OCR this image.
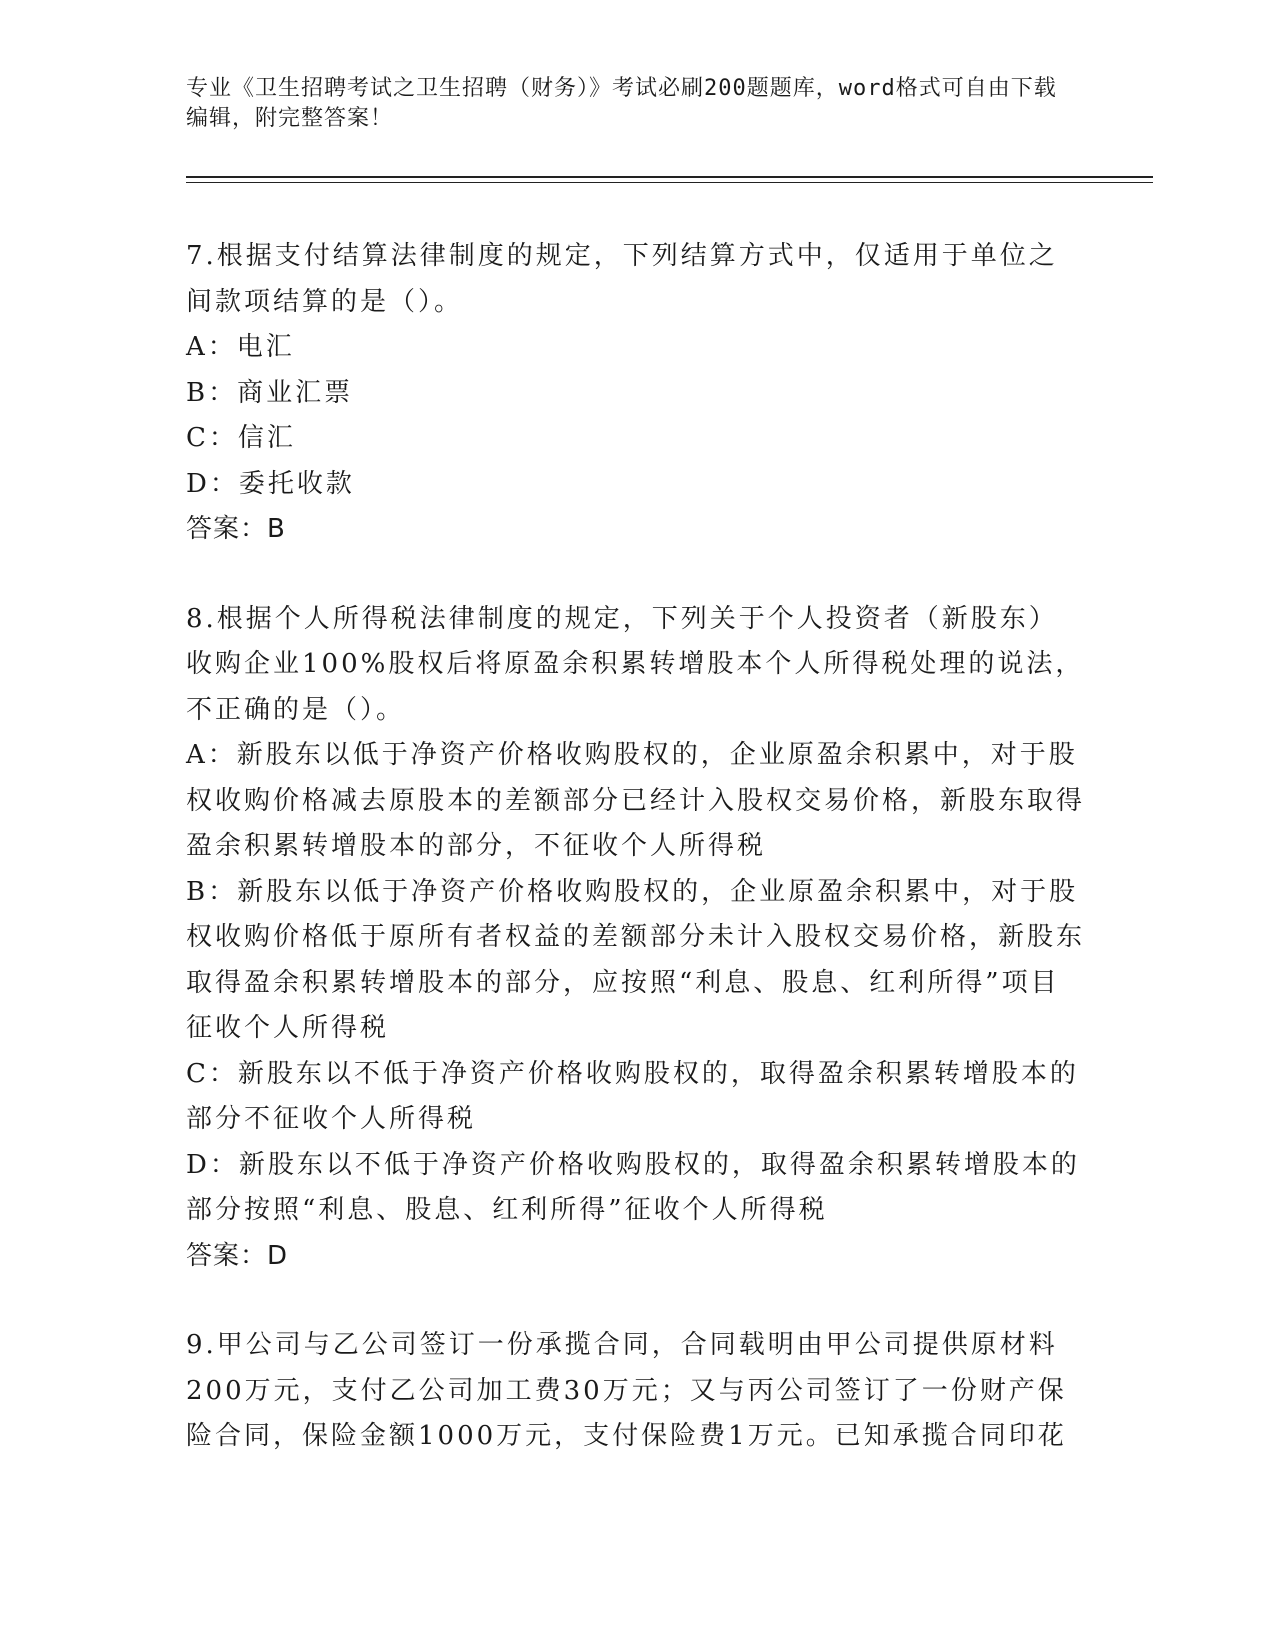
专业《卫生招聘考试之卫生招聘（财务）》考试必刷200题题库，word格式可自由下载编辑，附完整答案！

7.根据支付结算法律制度的规定，下列结算方式中，仅适用于单位之间款项结算的是（）。

A：电汇

B：商业汇票

C：信汇

D：委托收款

答案：B

8.根据个人所得税法律制度的规定，下列关于个人投资者（新股东）收购企业100%股权后将原盈余积累转增股本个人所得税处理的说法，不正确的是（）。

A：新股东以低于净资产价格收购股权的，企业原盈余积累中，对于股权收购价格减去原股本的差额部分已经计入股权交易价格，新股东取得盈余积累转增股本的部分，不征收个人所得税

B：新股东以低于净资产价格收购股权的，企业原盈余积累中，对于股权收购价格低于原所有者权益的差额部分未计入股权交易价格，新股东取得盈余积累转增股本的部分，应按照“利息、股息、红利所得”项目征收个人所得税

C：新股东以不低于净资产价格收购股权的，取得盈余积累转增股本的部分不征收个人所得税

D：新股东以不低于净资产价格收购股权的，取得盈余积累转增股本的部分按照“利息、股息、红利所得”征收个人所得税

答案：D

9.甲公司与乙公司签订一份承揽合同，合同载明由甲公司提供原材料200万元，支付乙公司加工费30万元；又与丙公司签订了一份财产保险合同，保险金额1000万元，支付保险费1万元。已知承揽合同印花
